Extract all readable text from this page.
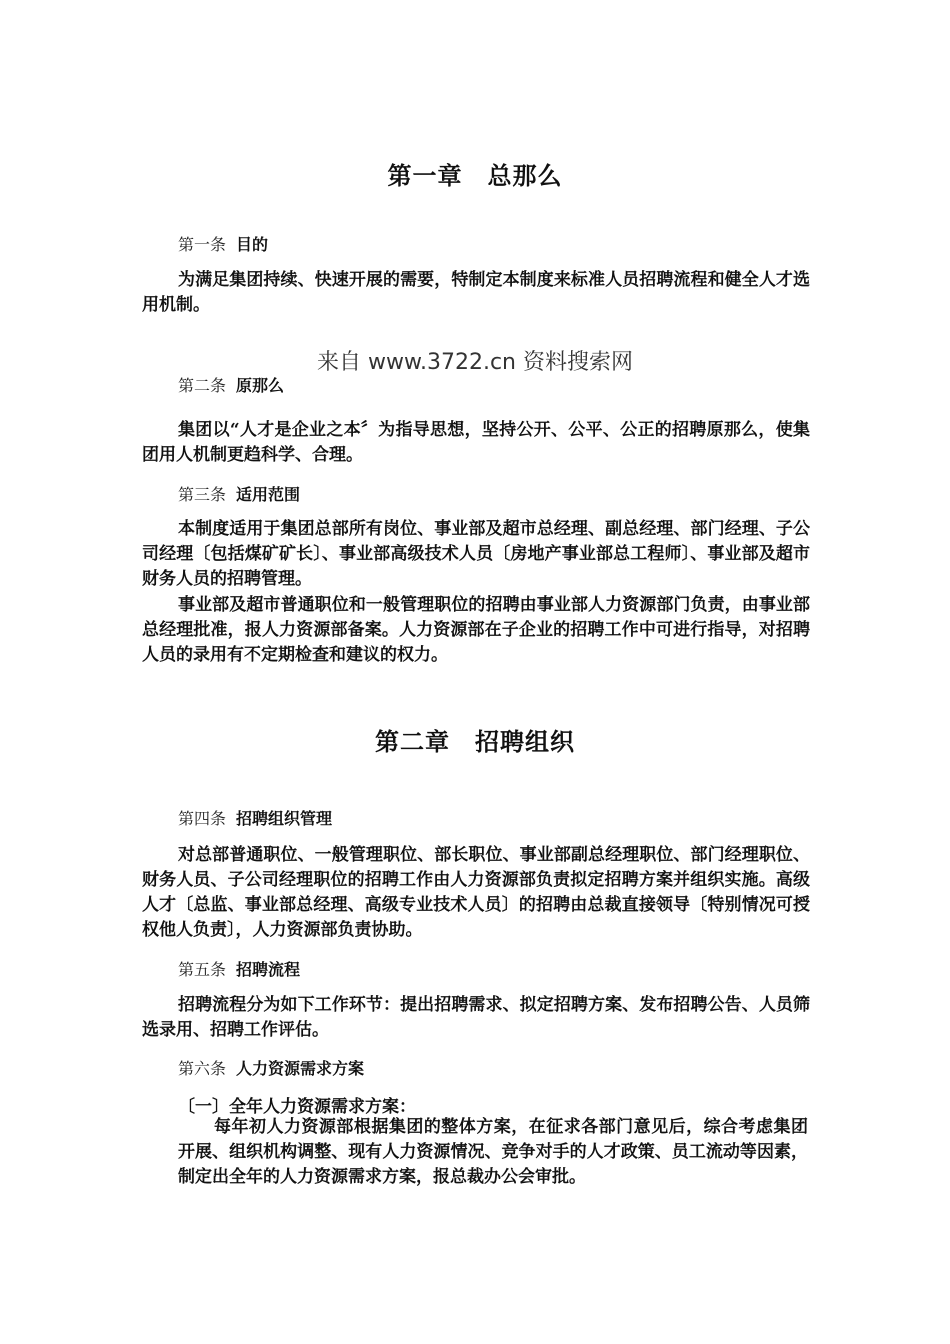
第一章　总那么

第一条 目的

为满足集团持续、快速开展的需要，特制定本制度来标准人员招聘流程和健全人才选用机制。

来自 www.3722.cn 资料搜索网

第二条 原那么

集团以“人才是企业之本〞为指导思想，坚持公开、公平、公正的招聘原那么，使集团用人机制更趋科学、合理。

第三条 适用范围

本制度适用于集团总部所有岗位、事业部及超市总经理、副总经理、部门经理、子公司经理〔包括煤矿矿长〕、事业部高级技术人员〔房地产事业部总工程师〕、事业部及超市财务人员的招聘管理。

事业部及超市普通职位和一般管理职位的招聘由事业部人力资源部门负责，由事业部总经理批准，报人力资源部备案。人力资源部在子企业的招聘工作中可进行指导，对招聘人员的录用有不定期检查和建议的权力。

第二章　招聘组织

第四条 招聘组织管理

对总部普通职位、一般管理职位、部长职位、事业部副总经理职位、部门经理职位、财务人员、子公司经理职位的招聘工作由人力资源部负责拟定招聘方案并组织实施。高级人才〔总监、事业部总经理、高级专业技术人员〕的招聘由总裁直接领导〔特别情况可授权他人负责〕，人力资源部负责协助。

第五条 招聘流程

招聘流程分为如下工作环节：提出招聘需求、拟定招聘方案、发布招聘公告、人员筛选录用、招聘工作评估。

第六条 人力资源需求方案

〔一〕全年人力资源需求方案：

每年初人力资源部根据集团的整体方案，在征求各部门意见后，综合考虑集团开展、组织机构调整、现有人力资源情况、竞争对手的人才政策、员工流动等因素，制定出全年的人力资源需求方案，报总裁办公会审批。
